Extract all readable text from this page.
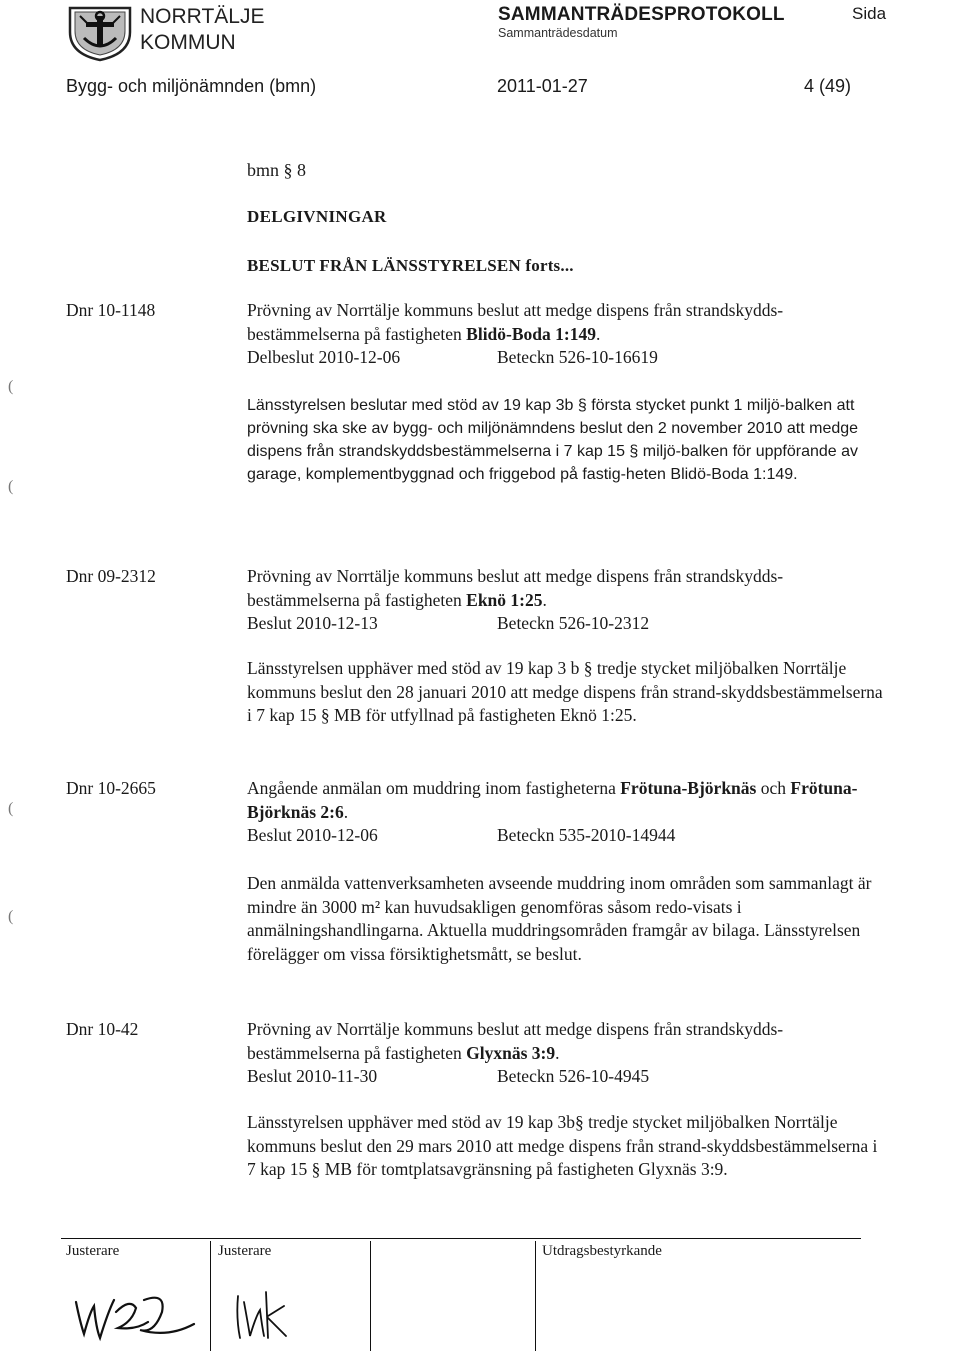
NORRTÄLJE
KOMMUN
SAMMANTRÄDESPROTOKOLL
Sammanträdesdatum
Sida
Bygg- och miljönämnden (bmn)	2011-01-27	4 (49)
bmn § 8
DELGIVNINGAR
BESLUT FRÅN LÄNSSTYRELSEN forts...
(
(
(
(
Dnr 10-1148	Prövning av Norrtälje kommuns beslut att medge dispens från strandskydds-bestämmelserna på fastigheten Blidö-Boda 1:149.

Delbeslut 2010-12-06	Beteckn 526-10-16619

Länsstyrelsen beslutar med stöd av 19 kap 3b § första stycket punkt 1 miljö-balken att prövning ska ske av bygg- och miljönämndens beslut den 2 november 2010 att medge dispens från strandskyddsbestämmelserna i 7 kap 15 § miljö-balken för uppförande av garage, komplementbyggnad och friggebod på fastig-heten Blidö-Boda 1:149.
Dnr 09-2312	Prövning av Norrtälje kommuns beslut att medge dispens från strandskydds-bestämmelserna på fastigheten Eknö 1:25.

Beslut 2010-12-13	Beteckn 526-10-2312

Länsstyrelsen upphäver med stöd av 19 kap 3 b § tredje stycket miljöbalken Norrtälje kommuns beslut den 28 januari 2010 att medge dispens från strand-skyddsbestämmelserna i 7 kap 15 § MB för utfyllnad på fastigheten Eknö 1:25.
Dnr 10-2665	Angående anmälan om muddring inom fastigheterna Frötuna-Björknäs och Frötuna-Björknäs 2:6.

Beslut 2010-12-06	Beteckn 535-2010-14944

Den anmälda vattenverksamheten avseende muddring inom områden som sammanlagt är mindre än 3000 m² kan huvudsakligen genomföras såsom redo-visats i anmälningshandlingarna. Aktuella muddringsområden framgår av bilaga. Länsstyrelsen förelägger om vissa försiktighetsmått, se beslut.
Dnr 10-42	Prövning av Norrtälje kommuns beslut att medge dispens från strandskydds-bestämmelserna på fastigheten Glyxnäs 3:9.

Beslut 2010-11-30	Beteckn 526-10-4945

Länsstyrelsen upphäver med stöd av 19 kap 3b§ tredje stycket miljöbalken Norrtälje kommuns beslut den 29 mars 2010 att medge dispens från strand-skyddsbestämmelserna i 7 kap 15 § MB för tomtplatsavgränsning på fastigheten Glyxnäs 3:9.
Justerare	Justerare	Utdragsbestyrkande
